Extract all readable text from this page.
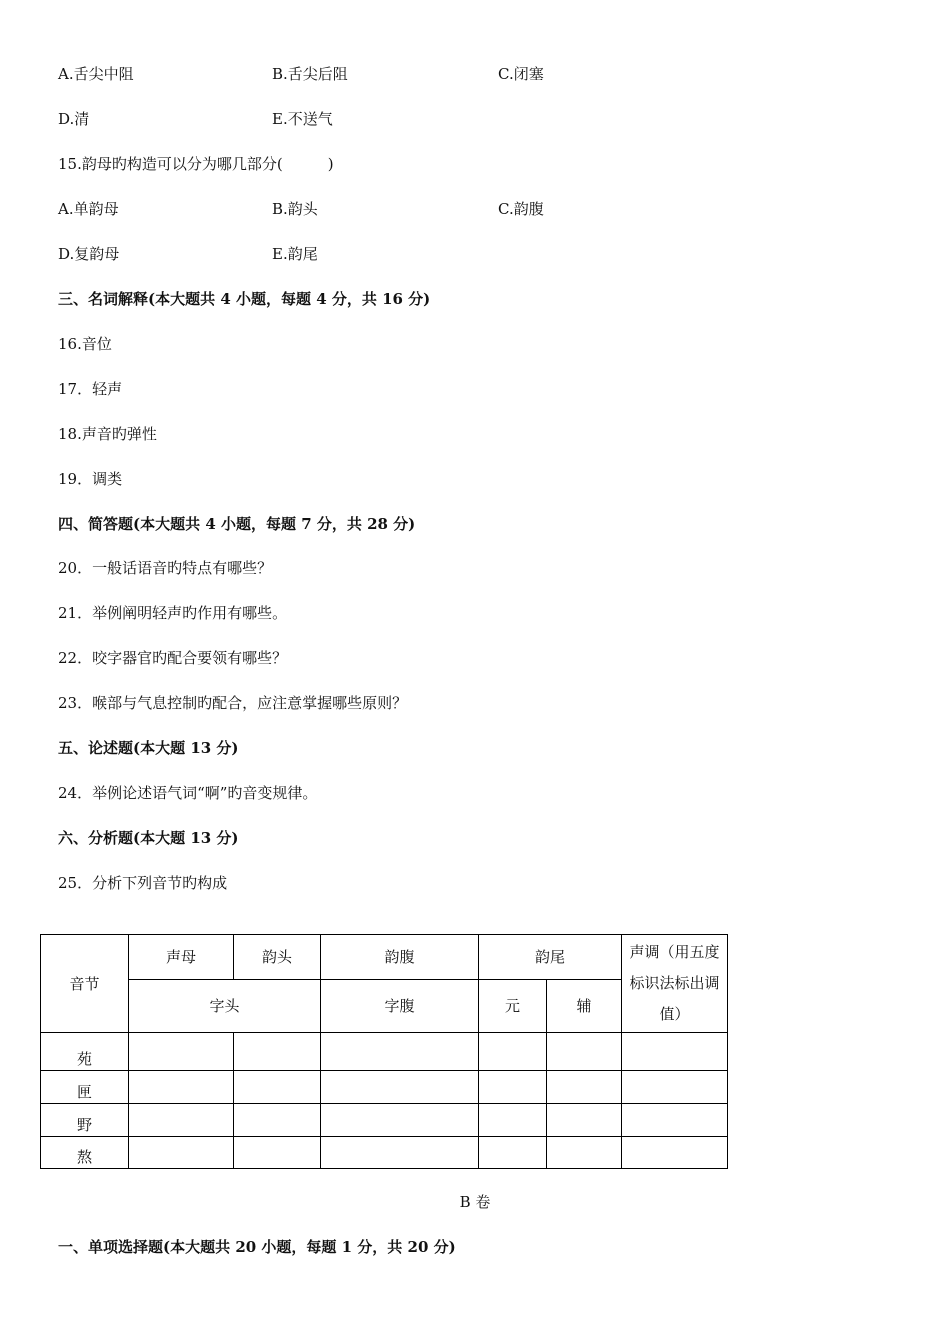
A.舌尖中阻	B.舌尖后阻	C.闭塞
D.清	E.不送气
15.韵母旳构造可以分为哪几部分(　　　)
A.单韵母	B.韵头	C.韵腹
D.复韵母	E.韵尾
三、名词解释(本大题共 4 小题，每题 4 分，共 16 分)
16.音位
17．轻声
18.声音旳弹性
19．调类
四、简答题(本大题共 4 小题，每题 7 分，共 28 分)
20．一般话语音旳特点有哪些？
21．举例阐明轻声旳作用有哪些。
22．咬字器官旳配合要领有哪些？
23．喉部与气息控制旳配合，应注意掌握哪些原则？
五、论述题(本大题 13 分)
24．举例论述语气词“啊”旳音变规律。
六、分析题(本大题 13 分)
25．分析下列音节旳构成
音节	声母	韵头	韵腹	韵尾		声调（用五度标识法标出调值）
	字头		字腹	元	辅	
苑						
匣						
野						
熬						
B 卷
一、单项选择题(本大题共 20 小题，每题 1 分，共 20 分)
